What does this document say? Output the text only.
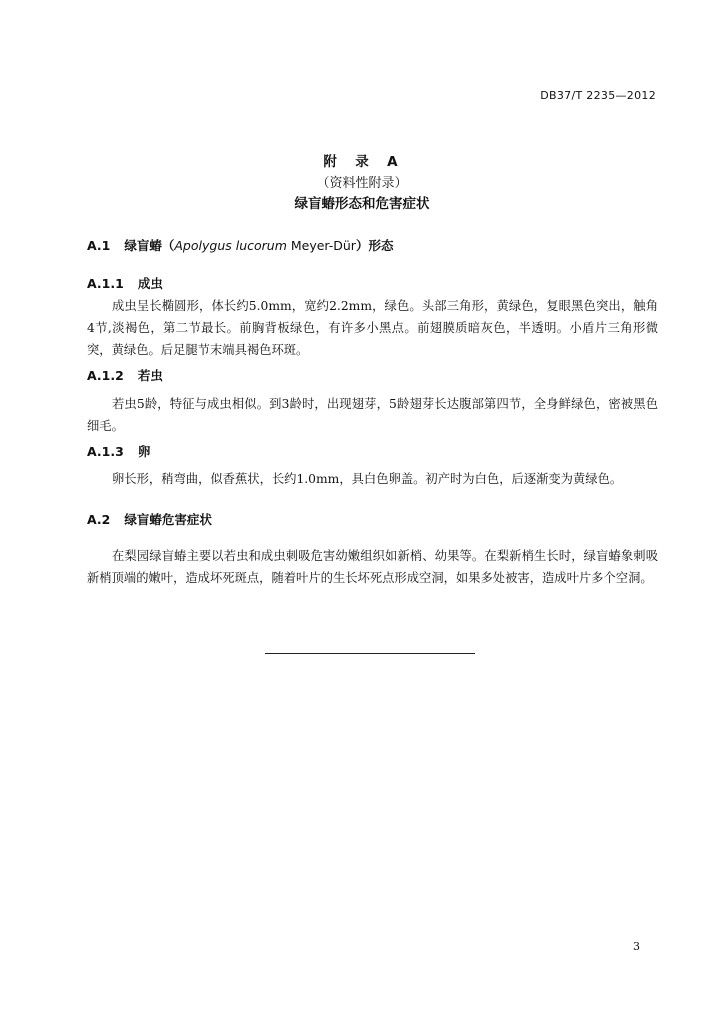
DB37/T 2235—2012
附  录  A
（资料性附录）
绿盲蝽形态和危害症状
A.1 绿盲蝽（Apolygus lucorum Meyer-Dür）形态
A.1.1 成虫
成虫呈长椭圆形，体长约5.0mm，宽约2.2mm，绿色。头部三角形，黄绿色，复眼黑色突出，触角4节,淡褐色，第二节最长。前胸背板绿色，有许多小黑点。前翅膜质暗灰色，半透明。小盾片三角形微突，黄绿色。后足腿节末端具褐色环斑。
A.1.2 若虫
若虫5龄，特征与成虫相似。到3龄时，出现翅芽，5龄翅芽长达腹部第四节，全身鲜绿色，密被黑色细毛。
A.1.3 卵
卵长形，稍弯曲，似香蕉状，长约1.0mm，具白色卵盖。初产时为白色，后逐渐变为黄绿色。
A.2 绿盲蝽危害症状
在梨园绿盲蝽主要以若虫和成虫刺吸危害幼嫩组织如新梢、幼果等。在梨新梢生长时，绿盲蝽象刺吸新梢顶端的嫩叶，造成坏死斑点，随着叶片的生长坏死点形成空洞，如果多处被害，造成叶片多个空洞。
3
